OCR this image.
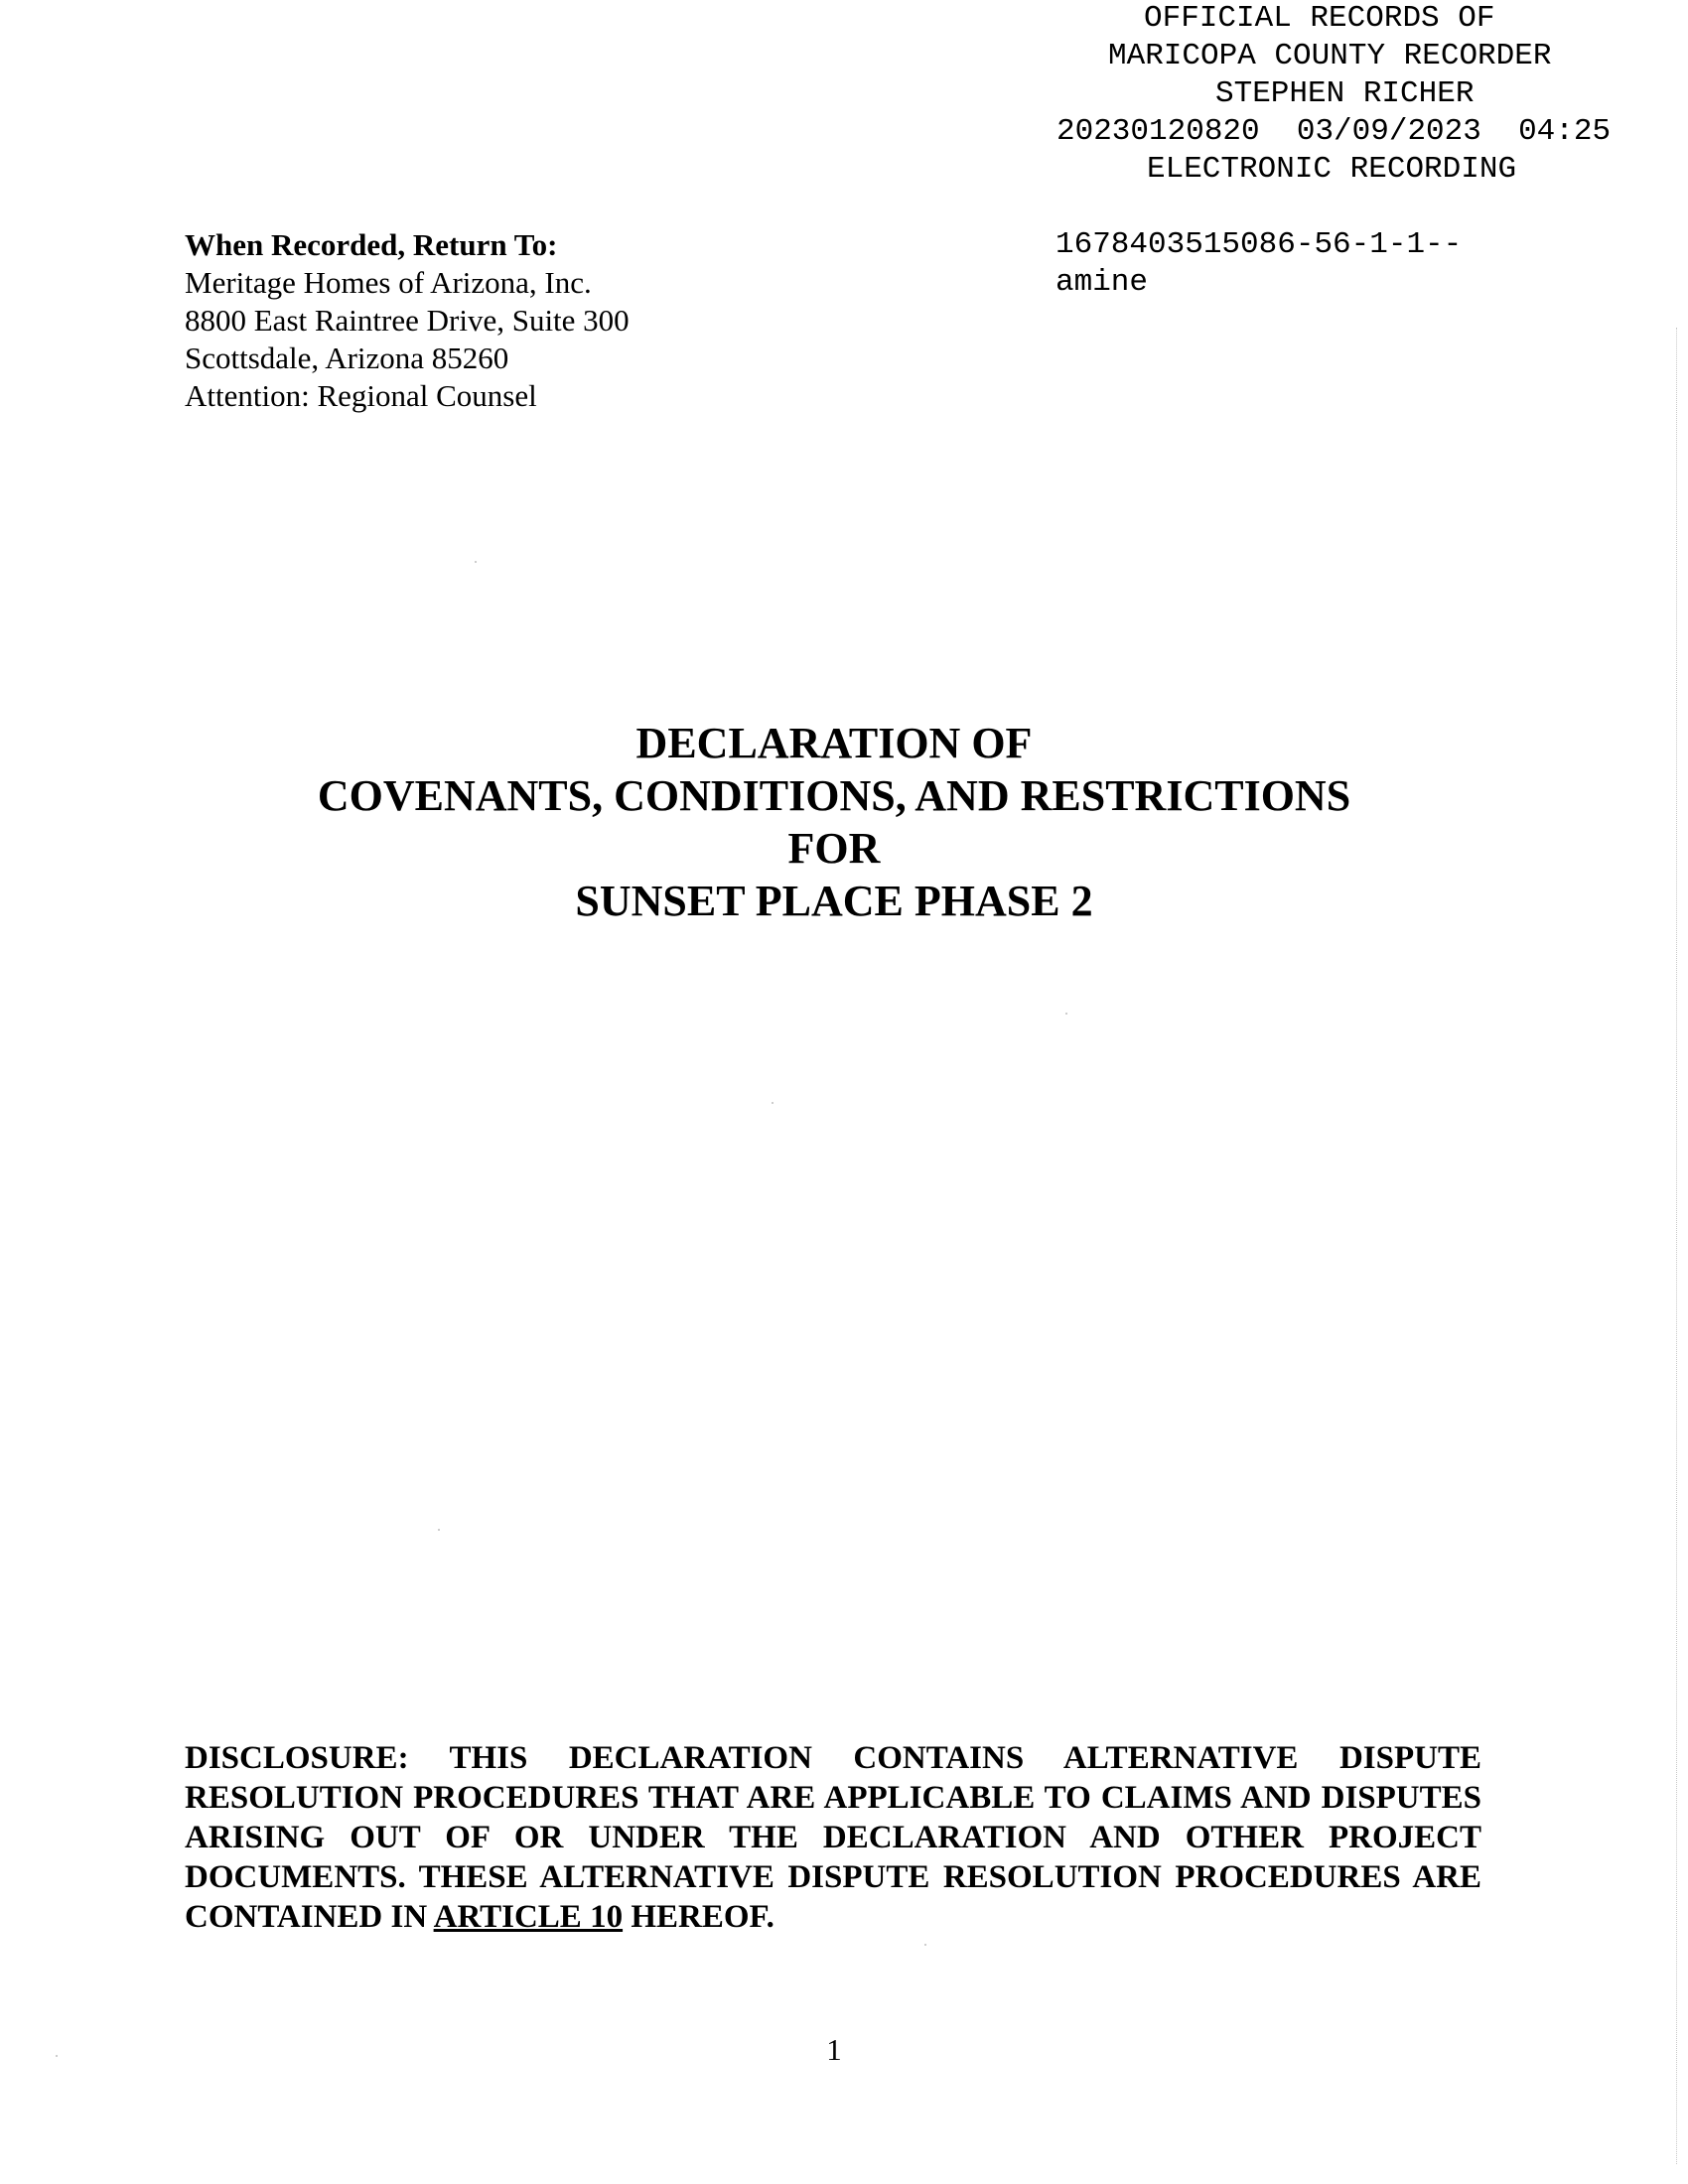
OFFICIAL RECORDS OF
MARICOPA COUNTY RECORDER
STEPHEN RICHER
20230120820  03/09/2023  04:25
ELECTRONIC RECORDING
1678403515086-56-1-1--
amine
When Recorded, Return To:
Meritage Homes of Arizona, Inc.
8800 East Raintree Drive, Suite 300
Scottsdale, Arizona 85260
Attention: Regional Counsel
DECLARATION OF
COVENANTS, CONDITIONS, AND RESTRICTIONS
FOR
SUNSET PLACE PHASE 2
DISCLOSURE: THIS DECLARATION CONTAINS ALTERNATIVE DISPUTE RESOLUTION PROCEDURES THAT ARE APPLICABLE TO CLAIMS AND DISPUTES ARISING OUT OF OR UNDER THE DECLARATION AND OTHER PROJECT DOCUMENTS. THESE ALTERNATIVE DISPUTE RESOLUTION PROCEDURES ARE CONTAINED IN ARTICLE 10 HEREOF.
1
